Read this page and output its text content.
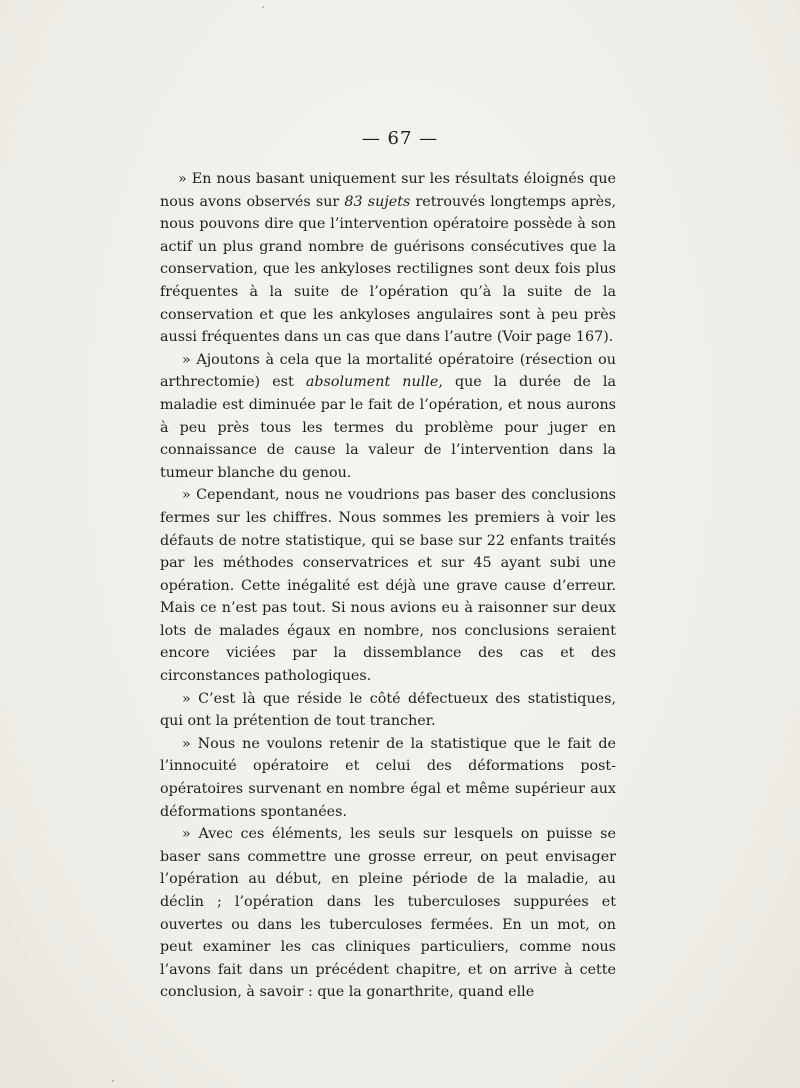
— 67 —

» En nous basant uniquement sur les résultats éloignés que nous avons observés sur 83 sujets retrouvés longtemps après, nous pouvons dire que l’intervention opératoire possède à son actif un plus grand nombre de guérisons consécutives que la conservation, que les ankyloses rectilignes sont deux fois plus fréquentes à la suite de l’opération qu’à la suite de la conservation et que les ankyloses angulaires sont à peu près aussi fréquentes dans un cas que dans l’autre (Voir page 167).

» Ajoutons à cela que la mortalité opératoire (résection ou arthrectomie) est absolument nulle, que la durée de la maladie est diminuée par le fait de l’opération, et nous aurons à peu près tous les termes du problème pour juger en connaissance de cause la valeur de l’intervention dans la tumeur blanche du genou.

» Cependant, nous ne voudrions pas baser des conclusions fermes sur les chiffres. Nous sommes les premiers à voir les défauts de notre statistique, qui se base sur 22 enfants traités par les méthodes conservatrices et sur 45 ayant subi une opération. Cette inégalité est déjà une grave cause d’erreur. Mais ce n’est pas tout. Si nous avions eu à raisonner sur deux lots de malades égaux en nombre, nos conclusions seraient encore viciées par la dissemblance des cas et des circonstances pathologiques.

» C’est là que réside le côté défectueux des statistiques, qui ont la prétention de tout trancher.

» Nous ne voulons retenir de la statistique que le fait de l’innocuité opératoire et celui des déformations post-opératoires survenant en nombre égal et même supérieur aux déformations spontanées.

» Avec ces éléments, les seuls sur lesquels on puisse se baser sans commettre une grosse erreur, on peut envisager l’opération au début, en pleine période de la maladie, au déclin ; l’opération dans les tuberculoses suppurées et ouvertes ou dans les tuberculoses fermées. En un mot, on peut examiner les cas cliniques particuliers, comme nous l’avons fait dans un précédent chapitre, et on arrive à cette conclusion, à savoir : que la gonarthrite, quand elle
